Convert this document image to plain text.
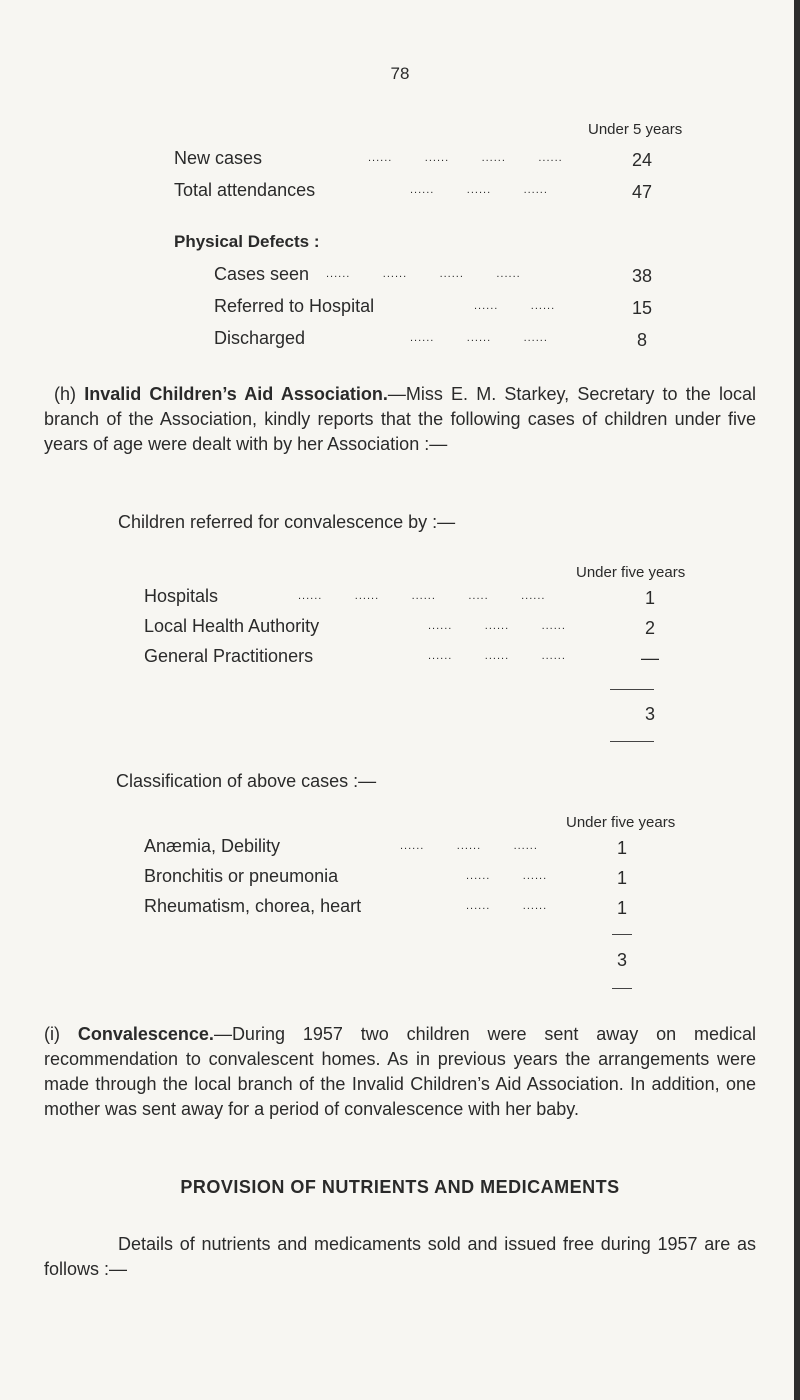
78
Under 5 years
New cases	......        ......        ......        ......	24
Total attendances	......        ......        ......	47
Physical Defects :
Cases seen ......        ......        ......        ......	38
Referred to Hospital	......        ......	15
Discharged	......        ......        ......	8
(h) Invalid Children’s Aid Association.—Miss E. M. Starkey, Secretary to the local branch of the Association, kindly reports that the following cases of children under five years of age were dealt with by her Association :—
Children referred for convalescence by :—
Under five years
Hospitals	......        ......        ......        .....        ......	1
Local Health Authority	......        ......        ......	2
General Practitioners	......        ......        ......	—
3
Classification of above cases :—
Under five years
Anæmia, Debility	......        ......        ......	1
Bronchitis or pneumonia	......        ......	1
Rheumatism, chorea, heart	......        ......	1
3
(i) Convalescence.—During 1957 two children were sent away on medical recommendation to convalescent homes. As in previous years the arrangements were made through the local branch of the Invalid Children’s Aid Association. In addition, one mother was sent away for a period of convalescence with her baby.
PROVISION OF NUTRIENTS AND MEDICAMENTS
Details of nutrients and medicaments sold and issued free during 1957 are as follows :—
